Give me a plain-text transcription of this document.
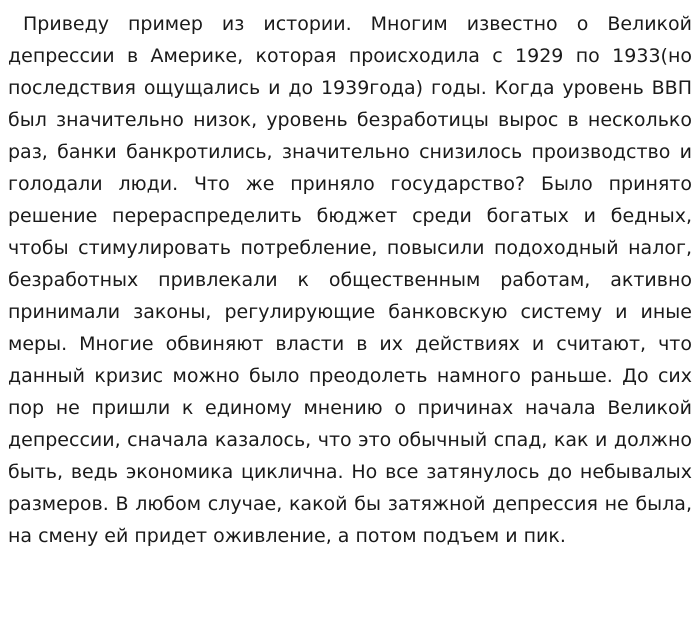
Приведу пример из истории. Многим известно о Великой депрессии в Америке, которая происходила с 1929 по 1933(но последствия ощущались и до 1939года) годы. Когда уровень ВВП был значительно низок, уровень безработицы вырос в несколько раз, банки банкротились, значительно снизилось производство и голодали люди. Что же приняло государство? Было принято решение перераспределить бюджет среди богатых и бедных, чтобы стимулировать потребление, повысили подоходный налог, безработных привлекали к общественным работам, активно принимали законы, регулирующие банковскую систему и иные меры. Многие обвиняют власти в их действиях и считают, что данный кризис можно было преодолеть намного раньше. До сих пор не пришли к единому мнению о причинах начала Великой депрессии, сначала казалось, что это обычный спад, как и должно быть, ведь экономика циклична. Но все затянулось до небывалых размеров. В любом случае, какой бы затяжной депрессия не была, на смену ей придет оживление, а потом подъем и пик.
